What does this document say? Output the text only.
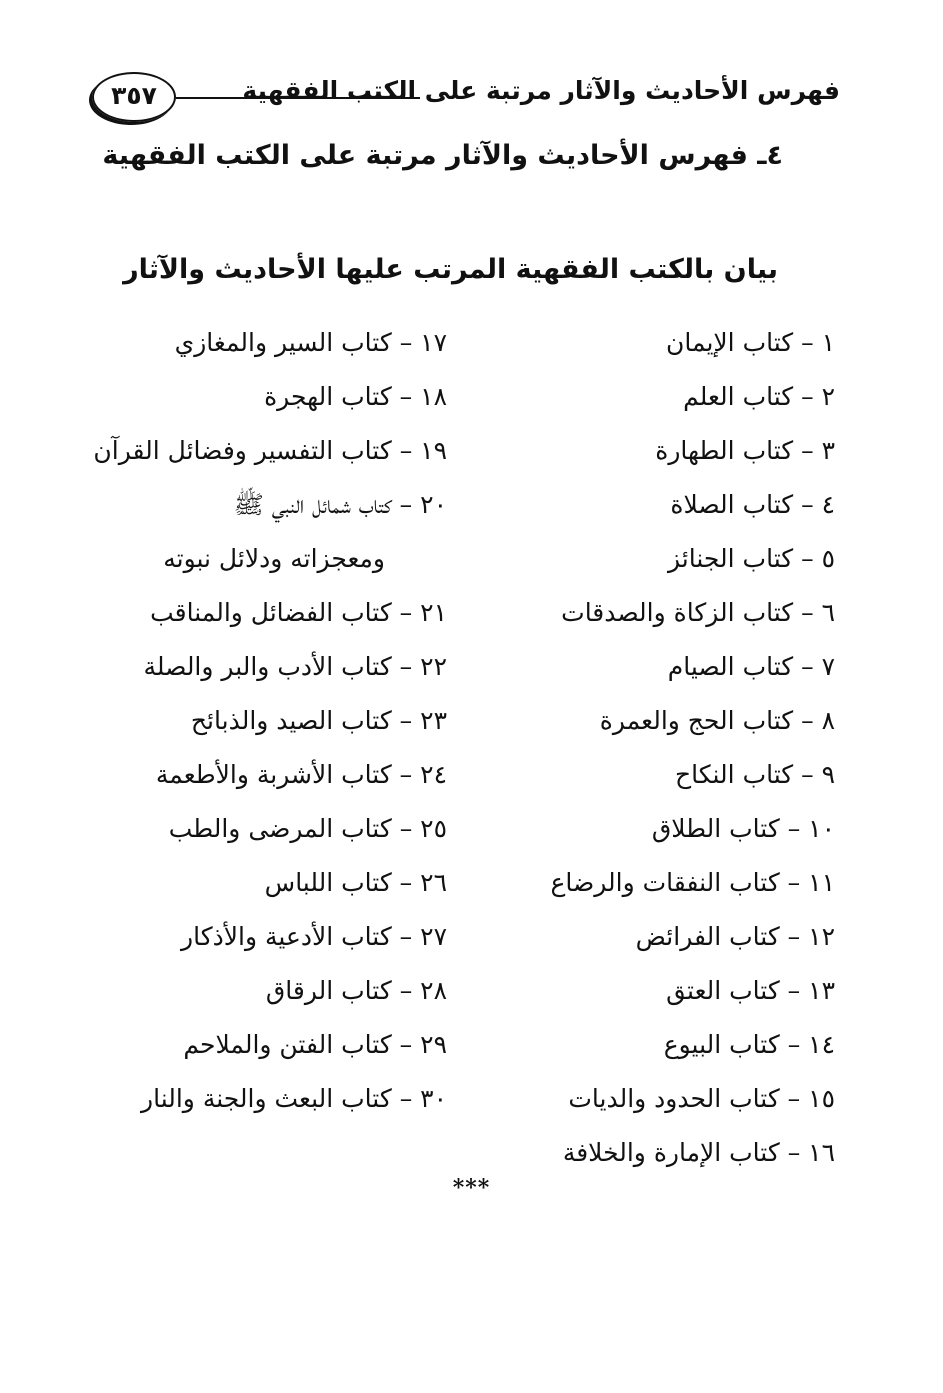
فهرس الأحاديث والآثار مرتبة على الكتب الفقهية
٣٥٧
٤ـ فهرس الأحاديث والآثار مرتبة على الكتب الفقهية
بيان بالكتب الفقهية المرتب عليها الأحاديث والآثار

١ – كتاب الإيمان

٢ – كتاب العلم

٣ – كتاب الطهارة

٤ – كتاب الصلاة

٥ – كتاب الجنائز

٦ – كتاب الزكاة والصدقات

٧ – كتاب الصيام

٨ – كتاب الحج والعمرة

٩ – كتاب النكاح

١٠ – كتاب الطلاق

١١ – كتاب النفقات والرضاع

١٢ – كتاب الفرائض

١٣ – كتاب العتق

١٤ – كتاب البيوع

١٥ – كتاب الحدود والديات

١٦ – كتاب الإمارة والخلافة

١٧ – كتاب السير والمغازي

١٨ – كتاب الهجرة

١٩ – كتاب التفسير وفضائل القرآن

٢٠ – كتاب شمائل النبي ﷺ

ومعجزاته ودلائل نبوته

٢١ – كتاب الفضائل والمناقب

٢٢ – كتاب الأدب والبر والصلة

٢٣ – كتاب الصيد والذبائح

٢٤ – كتاب الأشربة والأطعمة

٢٥ – كتاب المرضى والطب

٢٦ – كتاب اللباس

٢٧ – كتاب الأدعية والأذكار

٢٨ – كتاب الرقاق

٢٩ – كتاب الفتن والملاحم

٣٠ – كتاب البعث والجنة والنار

***
